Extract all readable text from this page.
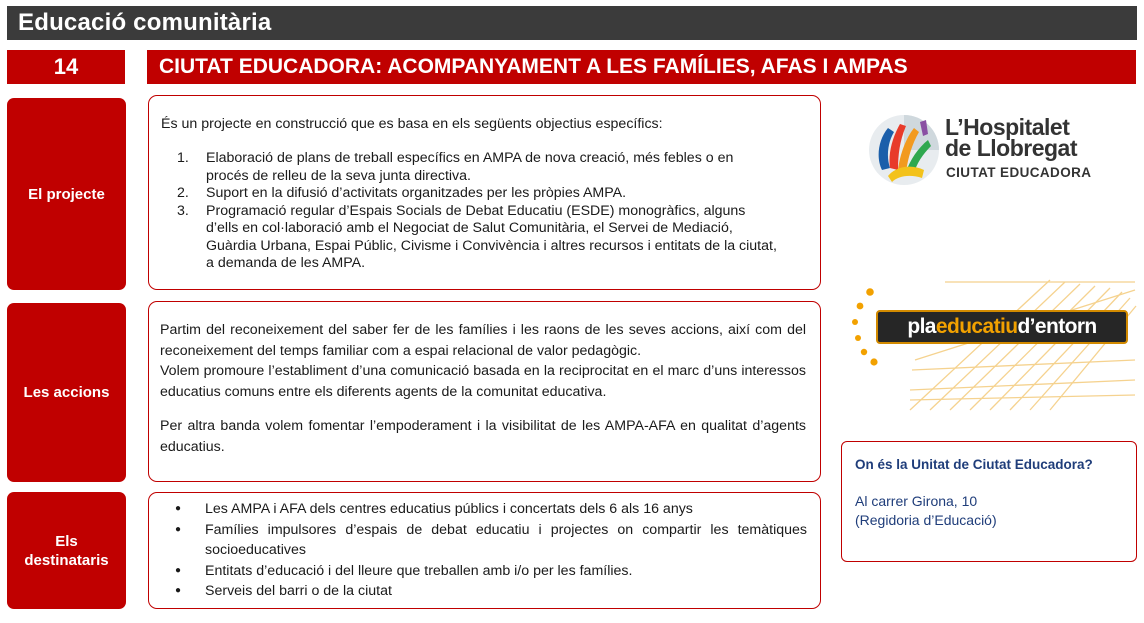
Educació comunitària
14	CIUTAT EDUCADORA: ACOMPANYAMENT A LES FAMÍLIES, AFAS I AMPAS
El projecte
És un projecte en construcció que es basa en els següents objectius específics:
1. Elaboració de plans de treball específics en AMPA de nova creació, més febles o en
procés de relleu de la seva junta directiva.
2. Suport en la difusió d’activitats organitzades per les pròpies AMPA.
3. Programació regular d’Espais Socials de Debat Educatiu (ESDE) monogràfics, alguns
d’ells en col·laboració amb el Negociat de Salut Comunitària, el Servei de Mediació,
Guàrdia Urbana, Espai Públic, Civisme i Convivència i altres recursos i entitats de la ciutat,
a demanda de les AMPA.
Les accions

Partim del reconeixement del saber fer de les famílies i les raons de les seves accions, així com del reconeixement del temps familiar com a espai relacional de valor pedagògic.

Volem promoure l’establiment d’una comunicació basada en la reciprocitat en el marc d’uns interessos educatius comuns entre els diferents agents de la comunitat educativa.

Per altra banda volem fomentar l’empoderament i la visibilitat de les AMPA-AFA en qualitat d’agents educatius.

Els
destinataris
● Les AMPA i AFA dels centres educatius públics i concertats dels 6 als 16 anys
● Famílies impulsores d’espais de debat educatiu i projectes on compartir les temàtiques socioeducatives
● Entitats d’educació i del lleure que treballen amb i/o per les famílies.
● Serveis del barri o de la ciutat
L’Hospitalet
de Llobregat
CIUTAT EDUCADORA
pla educatiu d’entorn
On és la Unitat de Ciutat Educadora?
Al carrer Girona, 10
(Regidoria d’Educació)
